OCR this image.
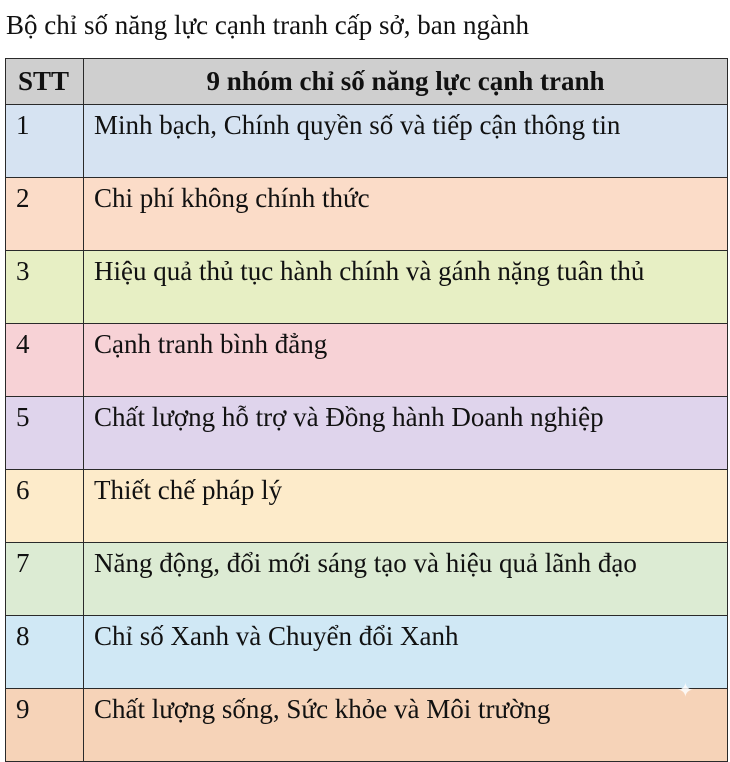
Bộ chỉ số năng lực cạnh tranh cấp sở, ban ngành
STT	9 nhóm chỉ số năng lực cạnh tranh
1	Minh bạch, Chính quyền số và tiếp cận thông tin
2	Chi phí không chính thức
3	Hiệu quả thủ tục hành chính và gánh nặng tuân thủ
4	Cạnh tranh bình đẳng
5	Chất lượng hỗ trợ và Đồng hành Doanh nghiệp
6	Thiết chế pháp lý
7	Năng động, đổi mới sáng tạo và hiệu quả lãnh đạo
8	Chỉ số Xanh và Chuyển đổi Xanh
9	Chất lượng sống, Sức khỏe và Môi trường
✦
